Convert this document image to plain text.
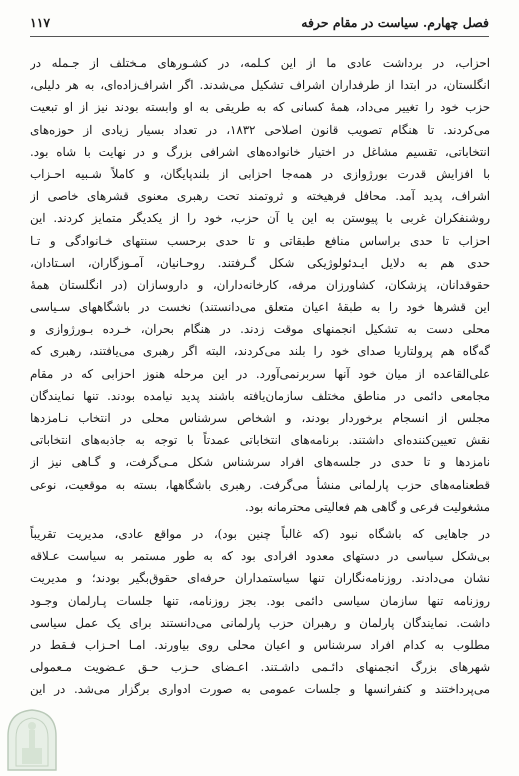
فصل چهارم. سیاست در مقام حرفه
۱۱۷
احزاب، در برداشت عادی ما از این کـلمه، در کشـورهای مـختلف از جـمله در
انگلستان، در ابتدا از طرفداران اشراف تشکیل می‌شدند. اگر اشراف‌زاده‌ای، به هر دلیلی،
حزب خود را تغییر می‌داد، همهٔ کسانی که به طریقی به او وابسته بودند نیز از او تبعیت
می‌کردند. تا هنگام تصویب قانون اصلاحی ۱۸۳۲، در تعداد بسیار زیادی از حوزه‌های
انتخاباتی، تقسیم مشاغل در اختیار خانواده‌های اشرافی بزرگ و در نهایت با شاه بود.
با افزایش قدرت بورژوازی در همه‌جا احزابی از بلندپایگان، و کاملاً شـبیه احـزاب
اشراف، پدید آمد. محافل فرهیخته و ثروتمند تحت رهبری معنوی قشرهای خاصی از
روشنفکران غربی با پیوستن به این یا آن حزب، خود را از یکدیگر متمایز کردند. این
احزاب تا حدی براساس منافع طبقاتی و تا حدی برحسب سنتهای خـانوادگی و تـا
حدی هم به دلایل ایـدئولوژیکی شکل گـرفتند. روحـانیان، آمـوزگاران، اسـتادان،
حقوقدانان، پزشکان، کشاورزان مرفه، کارخانه‌داران، و داروسازان (در انگلستان همهٔ
این قشرها خود را به طبقهٔ اعیان متعلق می‌دانستند) نخست در باشگاههای سـیاسی
محلی دست به تشکیل انجمنهای موقت زدند. در هنگام بحران، خـرده بـورژوازی و
گه‌گاه هم پرولتاریا صدای خود را بلند می‌کردند، البته اگر رهبری می‌یافتند، رهبری که
علی‌القاعده از میان خود آنها سربرنمی‌آورد. در این مرحله هنوز احزابی که در مقام
مجامعی دائمی در مناطق مختلف سازمان‌یافته باشند پدید نیامده بودند. تنها نمایندگان
مجلس از انسجام برخوردار بودند، و اشخاص سرشناس محلی در انتخاب نـامزدها
نقش تعیین‌کننده‌ای داشتند. برنامه‌های انتخاباتی عمدتاً با توجه به جاذبه‌های انتخاباتی
نامزدها و تا حدی در جلسه‌های افراد سرشناس شکل مـی‌گرفت، و گـاهی نیز از
قطعنامه‌های حزب پارلمانی منشأ می‌گرفت. رهبری باشگاهها، بسته به موقعیت، نوعی
مشغولیت فرعی و گاهی هم فعالیتی محترمانه بود.
در جاهایی که باشگاه نبود (که غالباً چنین بود)، در مواقع عادی، مدیریت تقریباً
بی‌شکل سیاسی در دستهای معدود افرادی بود که به طور مستمر به سیاست عـلاقه
نشان می‌دادند. روزنامه‌نگاران تنها سیاستمداران حرفه‌ای حقوق‌بگیر بودند؛ و مدیریت
روزنامه تنها سازمان سیاسی دائمی بود. بجز روزنامه، تنها جلسات پـارلمان وجـود
داشت. نمایندگان پارلمان و رهبران حزب پارلمانی می‌دانستند برای یک عمل سیاسی
مطلوب به کدام افراد سرشناس و اعیان محلی روی بیاورند. امـا احـزاب فـقط در
شهرهای بزرگ انجمنهای دائـمی داشـتند. اعـضای حـزب حـق عـضویت مـعمولی
می‌پرداختند و کنفرانسها و جلسات عمومی به صورت ادواری برگزار می‌شد. در این
